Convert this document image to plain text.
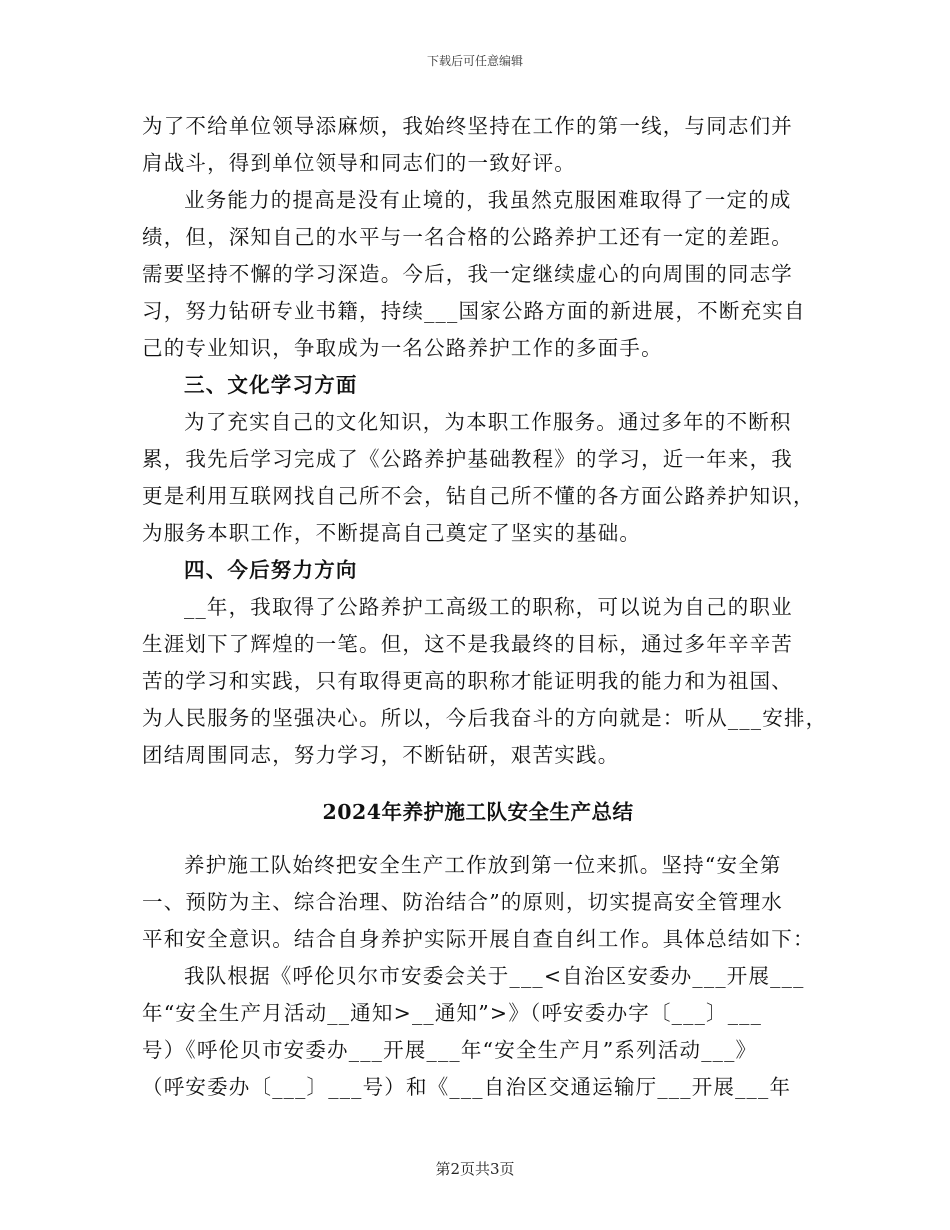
下载后可任意编辑
为了不给单位领导添麻烦，我始终坚持在工作的第一线，与同志们并
肩战斗，得到单位领导和同志们的一致好评。
业务能力的提高是没有止境的，我虽然克服困难取得了一定的成
绩，但，深知自己的水平与一名合格的公路养护工还有一定的差距。
需要坚持不懈的学习深造。今后，我一定继续虚心的向周围的同志学
习，努力钻研专业书籍，持续___国家公路方面的新进展，不断充实自
己的专业知识，争取成为一名公路养护工作的多面手。
三、文化学习方面
为了充实自己的文化知识，为本职工作服务。通过多年的不断积
累，我先后学习完成了《公路养护基础教程》的学习，近一年来，我
更是利用互联网找自己所不会，钻自己所不懂的各方面公路养护知识，
为服务本职工作，不断提高自己奠定了坚实的基础。
四、今后努力方向
__年，我取得了公路养护工高级工的职称，可以说为自己的职业
生涯划下了辉煌的一笔。但，这不是我最终的目标，通过多年辛辛苦
苦的学习和实践，只有取得更高的职称才能证明我的能力和为祖国、
为人民服务的坚强决心。所以，今后我奋斗的方向就是：听从___安排，
团结周围同志，努力学习，不断钻研，艰苦实践。
2024年养护施工队安全生产总结
养护施工队始终把安全生产工作放到第一位来抓。坚持“安全第
一、预防为主、综合治理、防治结合”的原则，切实提高安全管理水
平和安全意识。结合自身养护实际开展自查自纠工作。具体总结如下：
我队根据《呼伦贝尔市安委会关于___<自治区安委办___开展___
年“安全生产月活动__通知>__通知”>》（呼安委办字〔___〕___
号）《呼伦贝市安委办___开展___年“安全生产月”系列活动___》
（呼安委办〔___〕___号）和《___自治区交通运输厅___开展___年
第2页共3页
